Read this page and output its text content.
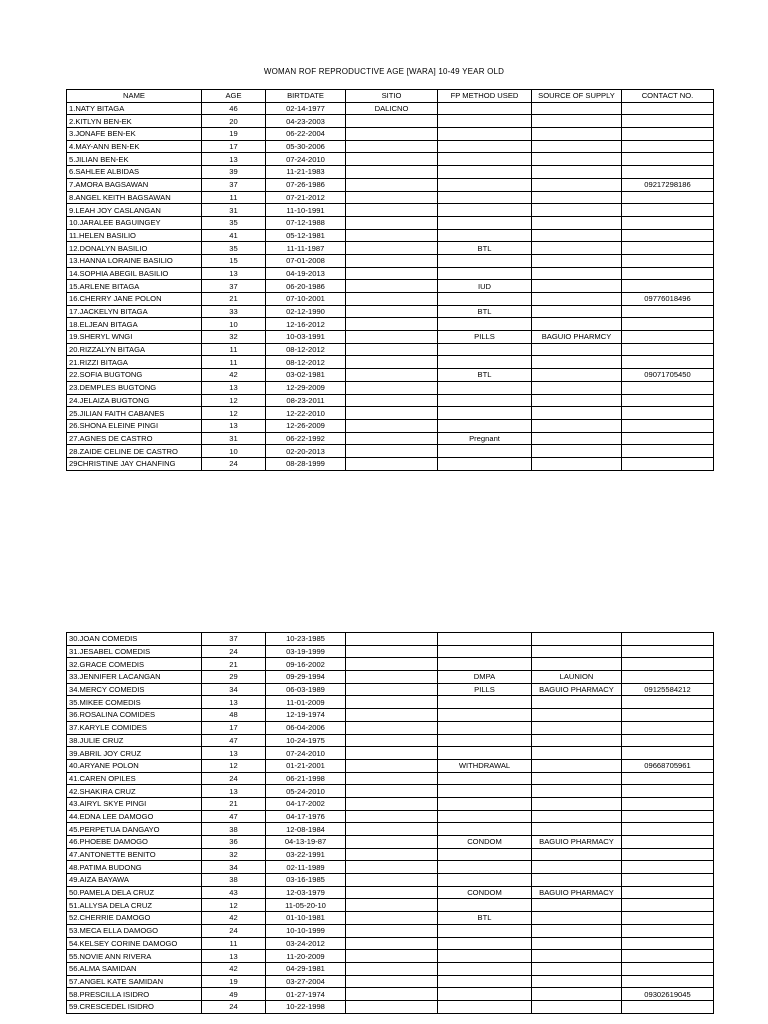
WOMAN ROF REPRODUCTIVE AGE [WARA] 10-49 YEAR OLD
NAME	AGE	BIRTDATE	SITIO	FP METHOD USED	SOURCE OF SUPPLY	CONTACT NO.
1.NATY BITAGA	46	02-14-1977	DALICNO			
2.KITLYN BEN-EK	20	04-23-2003				
3.JONAFE BEN-EK	19	06-22-2004				
4.MAY-ANN BEN-EK	17	05-30-2006				
5.JILIAN BEN-EK	13	07-24-2010				
6.SAHLEE ALBIDAS	39	11-21-1983				
7.AMORA BAGSAWAN	37	07-26-1986				09217298186
8.ANGEL KEITH BAGSAWAN	11	07-21-2012				
9.LEAH JOY CASLANGAN	31	11-10-1991				
10.JARALEE BAGUINGEY	35	07-12-1988				
11.HELEN BASILIO	41	05-12-1981				
12.DONALYN BASILIO	35	11-11-1987		BTL		
13.HANNA LORAINE BASILIO	15	07-01-2008				
14.SOPHIA ABEGIL BASILIO	13	04-19-2013				
15.ARLENE BITAGA	37	06-20-1986		IUD		
16.CHERRY JANE POLON	21	07-10-2001				09776018496
17.JACKELYN BITAGA	33	02-12-1990		BTL		
18.ELJEAN BITAGA	10	12-16-2012				
19.SHERYL WNGI	32	10-03-1991		PILLS	BAGUIO PHARMCY	
20.RIZZALYN BITAGA	11	08-12-2012				
21.RIZZI BITAGA	11	08-12-2012				
22.SOFIA BUGTONG	42	03-02-1981		BTL		09071705450
23.DEMPLES BUGTONG	13	12-29-2009				
24.JELAIZA BUGTONG	12	08-23-2011				
25.JILIAN FAITH CABANES	12	12-22-2010				
26.SHONA ELEINE PINGI	13	12-26-2009				
27.AGNES DE CASTRO	31	06-22-1992		Pregnant		
28.ZAIDE CELINE DE CASTRO	10	02-20-2013				
29CHRISTINE JAY CHANFING	24	08-28-1999				
30.JOAN COMEDIS	37	10-23-1985				
31.JESABEL COMEDIS	24	03-19-1999				
32.GRACE COMEDIS	21	09-16-2002				
33.JENNIFER LACANGAN	29	09-29-1994		DMPA	LAUNION	
34.MERCY COMEDIS	34	06-03-1989		PILLS	BAGUIO PHARMACY	09125584212
35.MIKEE COMEDIS	13	11-01-2009				
36.ROSALINA COMIDES	48	12-19-1974				
37.KARYLE COMIDES	17	06-04-2006				
38.JULIE CRUZ	47	10-24-1975				
39.ABRIL JOY CRUZ	13	07-24-2010				
40.ARYANE POLON	12	01-21-2001		WITHDRAWAL		09668705961
41.CAREN OPILES	24	06-21-1998				
42.SHAKIRA CRUZ	13	05-24-2010				
43.AIRYL SKYE PINGI	21	04-17-2002				
44.EDNA LEE DAMOGO	47	04-17-1976				
45.PERPETUA DANGAYO	38	12-08-1984				
46.PHOEBE DAMOGO	36	04-13-19-87		CONDOM	BAGUIO PHARMACY	
47.ANTONETTE BENITO	32	03-22-1991				
48.PATIMA BUDONG	34	02-11-1989				
49.AIZA BAYAWA	38	03-16-1985				
50.PAMELA DELA CRUZ	43	12-03-1979		CONDOM	BAGUIO PHARMACY	
51.ALLYSA DELA CRUZ	12	11-05-20-10				
52.CHERRIE DAMOGO	42	01-10-1981		BTL		
53.MECA ELLA DAMOGO	24	10-10-1999				
54.KELSEY CORINE DAMOGO	11	03-24-2012				
55.NOVIE ANN RIVERA	13	11-20-2009				
56.ALMA SAMIDAN	42	04-29-1981				
57.ANGEL KATE SAMIDAN	19	03-27-2004				
58.PRESCILLA ISIDRO	49	01-27-1974				09302619045
59.CRESCEDEL ISIDRO	24	10-22-1998				
